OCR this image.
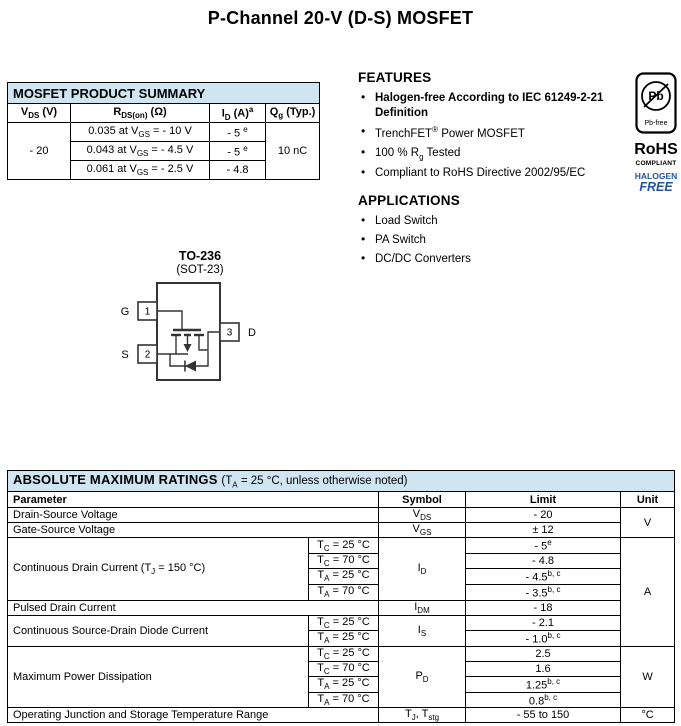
P-Channel 20-V (D-S) MOSFET
MOSFET PRODUCT SUMMARY			
$V_{DS}$ (V)	$R_{DS(on)}$ (Ω)	$I_D$ $(A)^a$	$Q_g$ (Typ.)
- 20	0.035 at $V_{GS}$ = - 10 V	- 5 $^e$	10 nC
	0.043 at $V_{GS}$ = - 4.5 V	- 5 $^e$
	0.061 at $V_{GS}$ = - 2.5 V	- 4.8	
FEATURES
• Halogen-free According to IEC 61249-2-21 Definition
• TrenchFET® Power MOSFET
• 100 % $R_g$ Tested
• Compliant to RoHS Directive 2002/95/EC
APPLICATIONS
• Load Switch
• PA Switch
• DC/DC Converters
Pb
Pb-free
RoHS
COMPLIANT
HALOGEN
FREE
TO-236
(SOT-23)
1
2
3
G
S
D
ABSOLUTE MAXIMUM RATINGS ($T_A = 25$ °C, unless otherwise noted)				
Parameter		Symbol	Limit	Unit
Drain-Source Voltage		$V_{DS}$	- 20	V
Gate-Source Voltage		$V_{GS}$	± 12	
Continuous Drain Current ($T_J = 150$ °C)	$T_C = 25$ °C	$I_D$	- 5e	A
	$T_C = 70$ °C		- 4.8	
	$T_A = 25$ °C		- 4.5$^{b, c}$
	$T_A = 70$ °C		- 3.5$^{b, c}$
Pulsed Drain Current		$I_{DM}$	- 18	
Continuous Source-Drain Diode Current	$T_C = 25$ °C	$I_S$	- 2.1	
	$T_A = 25$ °C		- 1.0$^{b, c}$
Maximum Power Dissipation	$T_C = 25$ °C	$P_D$	2.5	W
	$T_C = 70$ °C		1.6	
	$T_A = 25$ °C		1.25$^{b, c}$
	$T_A = 70$ °C		0.8$^{b, c}$
Operating Junction and Storage Temperature Range		$T_J$, $T_{stg}$	- 55 to 150	°C
